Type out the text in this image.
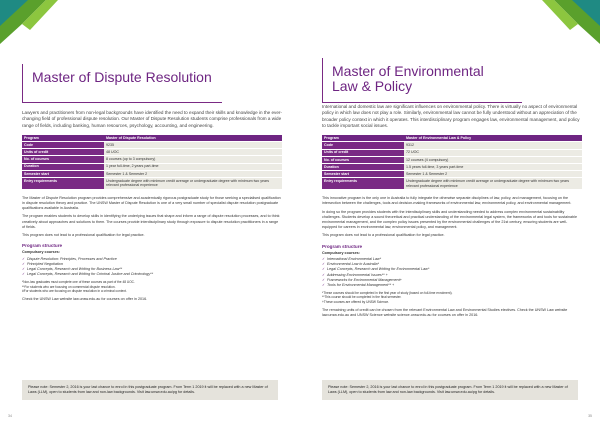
Master of Dispute Resolution

Lawyers and practitioners from non-legal backgrounds have identified the need to expand their skills and knowledge in the ever-changing field of professional dispute resolution. Our Master of Dispute Resolution students comprise professionals from a wide range of fields, including banking, human resources, psychology, accounting, and engineering.

Program	Master of Dispute Resolution
Code	9235
Units of credit	48 UOC
No. of courses	8 courses (up to 3 compulsory)
Duration	1 year full-time, 2 years part-time
Semester start	Semester 1 & Semester 2
Entry requirements	Undergraduate degree with minimum credit average or undergraduate degree with minimum two years relevant professional experience

The Master of Dispute Resolution program provides comprehensive and academically rigorous postgraduate study for those seeking a specialised qualification in dispute resolution theory and practice. The UNSW Master of Dispute Resolution is one of a very small number of specialist dispute resolution postgraduate qualifications available in Australia.

The program enables students to develop skills in identifying the underlying issues that shape and inform a range of dispute resolution processes, and to think creatively about approaches and solutions to them. The courses provide interdisciplinary study through exposure to dispute resolution practitioners in a range of fields.

This program does not lead to a professional qualification for legal practice.

Program structure

Compulsory courses:

✓ Dispute Resolution: Principles, Processes and Practice
✓ Principled Negotiation
✓ Legal Concepts, Research and Writing for Business Law**
✓ Legal Concepts, Research and Writing for Criminal Justice and Criminology**

*Non-law graduates must complete one of these courses as part of the 48 UOC.

**For students who are focusing on commercial dispute resolution.

#For students who are focusing on dispute resolution in a criminal context.

Check the UNSW Law website law.unsw.edu.au for courses on offer in 2016.

Please note: Semester 2, 2016 is your last chance to enrol in this postgraduate program. From Term 1 2019 it will be replaced with a new Master of Laws (LLM), open to students from law and non-law backgrounds. Visit law.unsw.edu.au/pg for details.
34
Master of Environmental
Law & Policy

International and domestic law are significant influences on environmental policy. There is virtually no aspect of environmental policy in which law does not play a role. Similarly, environmental law cannot be fully understood without an appreciation of the broader policy context in which it operates. This interdisciplinary program engages law, environmental management, and policy to tackle important social issues.

Program	Master of Environmental Law & Policy
Code	9312
Units of credit	72 UOC
No. of courses	12 courses (4 compulsory)
Duration	1.5 years full-time, 3 years part-time
Semester start	Semester 1 & Semester 2
Entry requirements	Undergraduate degree with minimum credit average or undergraduate degree with minimum two years relevant professional experience

This innovative program is the only one in Australia to fully integrate the otherwise separate disciplines of law, policy, and management, focusing on the intersection between the challenges, tools and decision-making frameworks of environmental law, environmental policy, and environmental management.

In doing so the program provides students with the interdisciplinary skills and understanding needed to address complex environmental sustainability challenges. Students develop a sound theoretical and practical understanding of the environmental legal system, the frameworks of and tools for sustainable environmental management, and the complex policy issues presented by the environmental challenges of the 21st century, ensuring students are well-equipped for careers in environmental law, environmental policy, and management.

This program does not lead to a professional qualification for legal practice.

Program structure

Compulsory courses:

✓ International Environmental Law*
✓ Environmental Law in Australia*
✓ Legal Concepts, Research and Writing for Environmental Law*
✓ Addressing Environmental Issues** +
✓ Frameworks for Environmental Management+
✓ Tools for Environmental Management** +

*These courses should be completed in the first year of study (based on full-time enrolment).

**This course should be completed in the final semester.

+These courses are offered by UNSW Science.

The remaining units of credit can be chosen from the relevant Environmental Law and Environmental Studies electives. Check the UNSW Law website law.unsw.edu.au and UNSW Science website science.unsw.edu.au for courses on offer in 2016.

Please note: Semester 2, 2016 is your last chance to enrol in this postgraduate program. From Term 1 2019 it will be replaced with a new Master of Laws (LLM), open to students from law and non-law backgrounds. Visit law.unsw.edu.au/pg for details.
35
